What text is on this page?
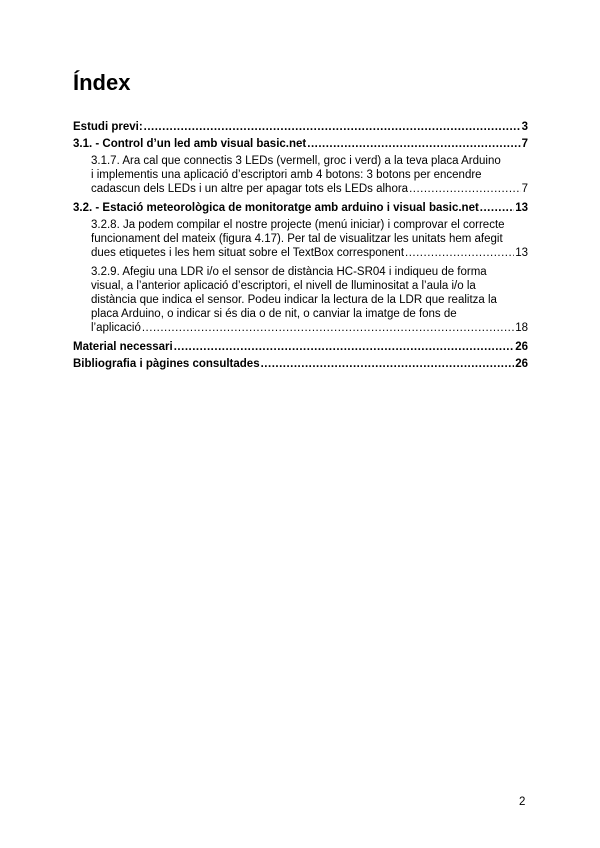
Índex
Estudi previ: .....	3
3.1. - Control d’un led amb visual basic.net .....	7
3.1.7. Ara cal que connectis 3 LEDs (vermell, groc i verd) a la teva placa Arduino
i implementis una aplicació d’escriptori amb 4 botons: 3 botons per encendre
cadascun dels LEDs i un altre per apagar tots els LEDs alhora .....	7
3.2. - Estació meteorològica de monitoratge amb arduino i visual basic.net .....	13
3.2.8. Ja podem compilar el nostre projecte (menú iniciar) i comprovar el correcte
funcionament del mateix (figura 4.17). Per tal de visualitzar les unitats hem afegit
dues etiquetes i les hem situat sobre el TextBox corresponent .....	13
3.2.9. Afegiu una LDR i/o el sensor de distància HC-SR04 i indiqueu de forma
visual, a l’anterior aplicació d’escriptori, el nivell de lluminositat a l’aula i/o la
distància que indica el sensor. Podeu indicar la lectura de la LDR que realitza la
placa Arduino, o indicar si és dia o de nit, o canviar la imatge de fons de
l’aplicació .....	18
Material necessari .....	26
Bibliografia i pàgines consultades .....	26
2
